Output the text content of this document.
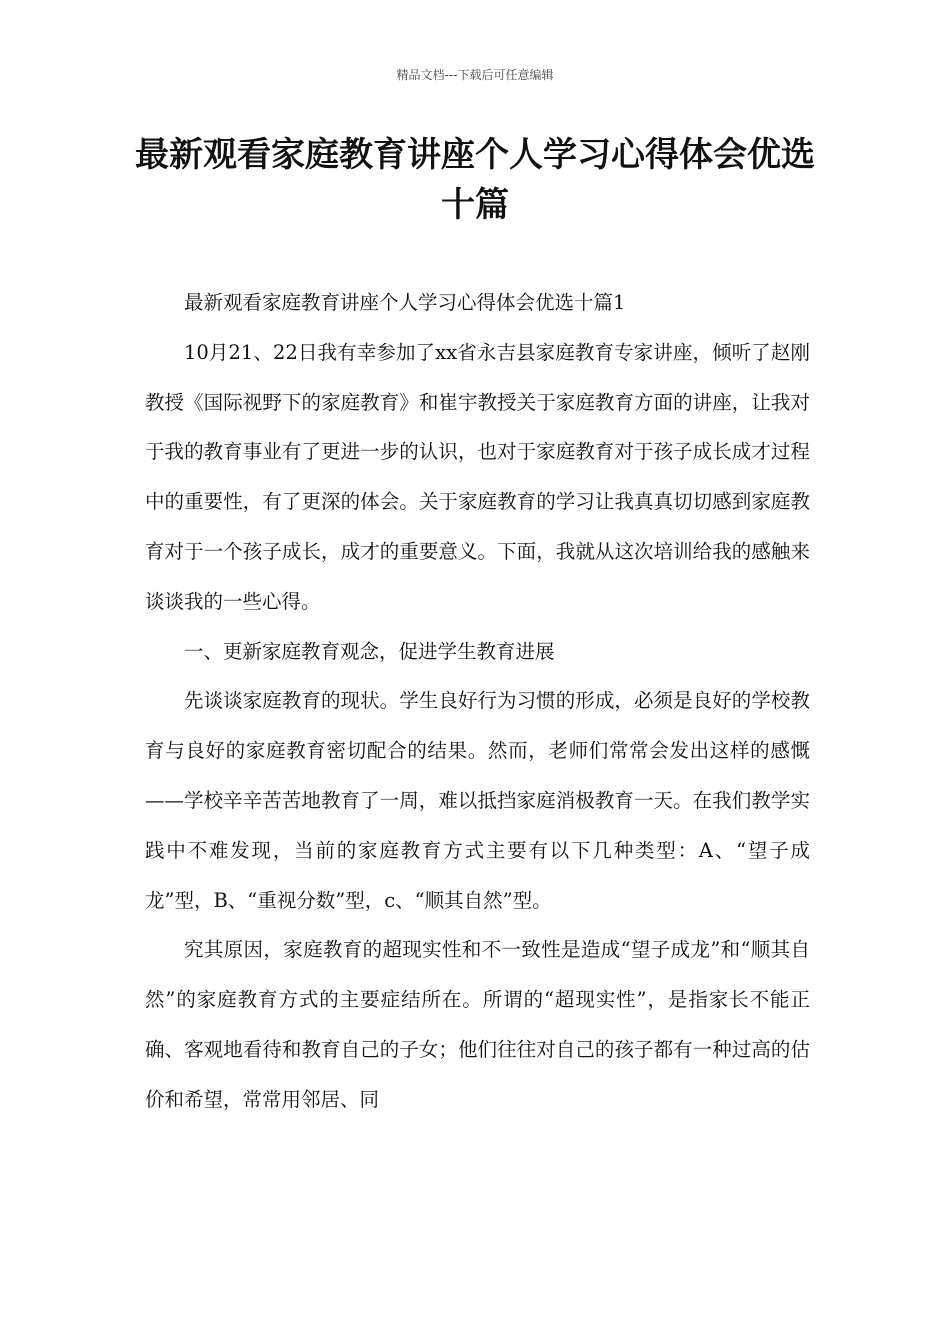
精品文档---下载后可任意编辑
最新观看家庭教育讲座个人学习心得体会优选十篇

最新观看家庭教育讲座个人学习心得体会优选十篇1

10月21、22日我有幸参加了xx省永吉县家庭教育专家讲座，倾听了赵刚教授《国际视野下的家庭教育》和崔宇教授关于家庭教育方面的讲座，让我对于我的教育事业有了更进一步的认识，也对于家庭教育对于孩子成长成才过程中的重要性，有了更深的体会。关于家庭教育的学习让我真真切切感到家庭教育对于一个孩子成长，成才的重要意义。下面，我就从这次培训给我的感触来谈谈我的一些心得。

一、更新家庭教育观念，促进学生教育进展

先谈谈家庭教育的现状。学生良好行为习惯的形成，必须是良好的学校教育与良好的家庭教育密切配合的结果。然而，老师们常常会发出这样的感慨——学校辛辛苦苦地教育了一周，难以抵挡家庭消极教育一天。在我们教学实践中不难发现，当前的家庭教育方式主要有以下几种类型：A、“望子成龙”型，B、“重视分数”型，c、“顺其自然”型。

究其原因，家庭教育的超现实性和不一致性是造成“望子成龙”和“顺其自然”的家庭教育方式的主要症结所在。所谓的“超现实性”，是指家长不能正确、客观地看待和教育自己的子女；他们往往对自己的孩子都有一种过高的估价和希望，常常用邻居、同
